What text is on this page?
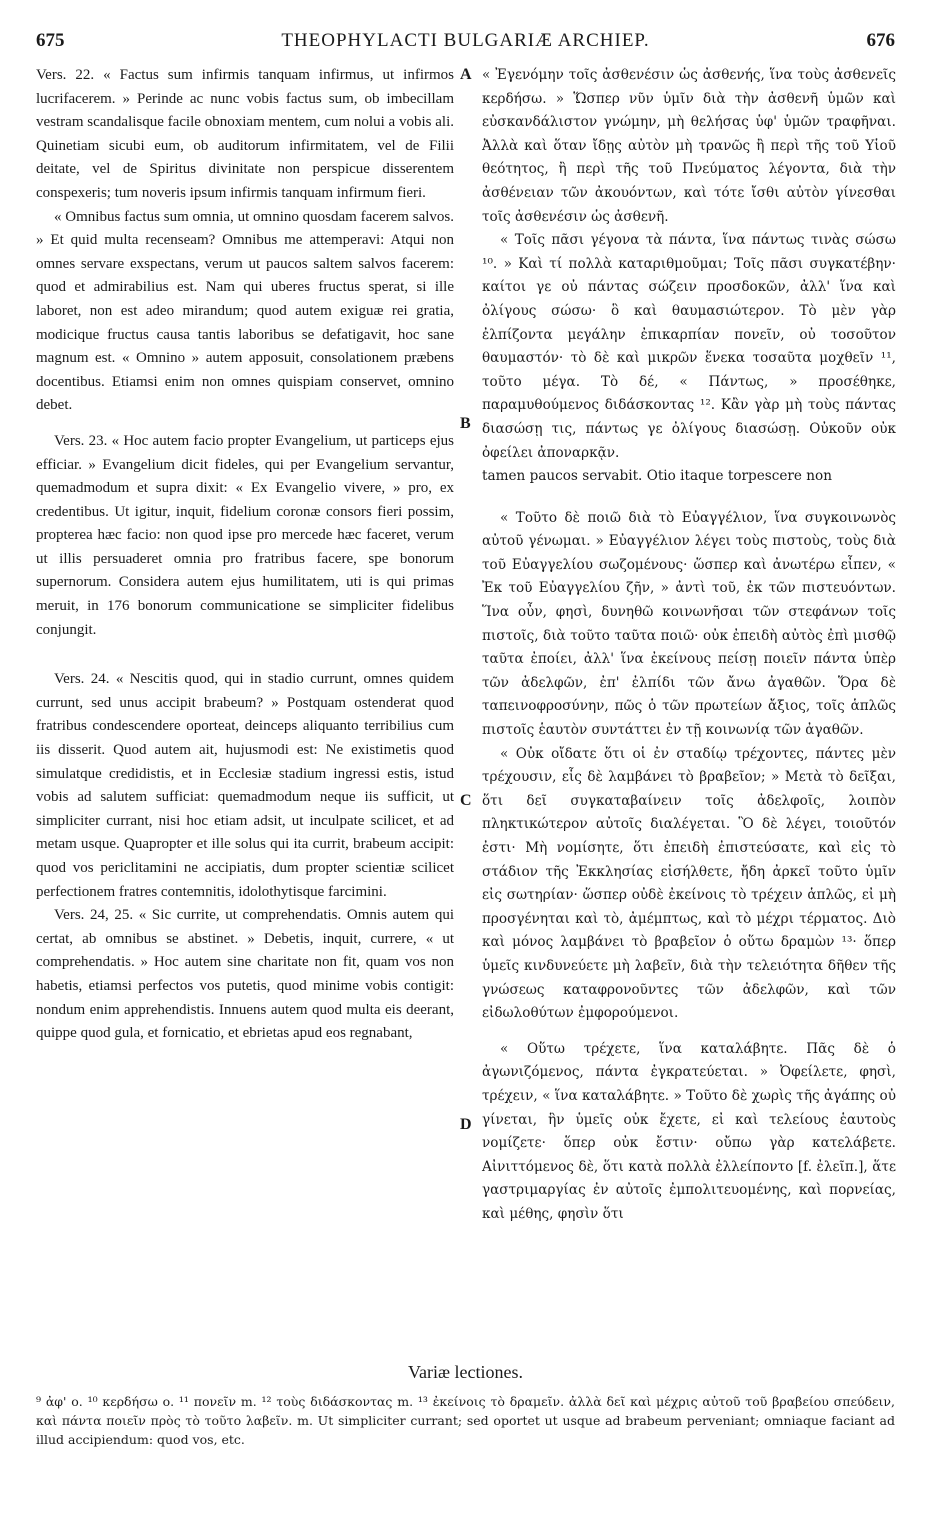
675	THEOPHYLACTI BULGARIÆ ARCHIEP.	676

Vers. 22. « Factus sum infirmis tanquam infirmus, ut infirmos lucrifacerem. » Perinde ac nunc vobis factus sum, ob imbecillam vestram scandalisque facile obnoxiam mentem, cum nolui a vobis ali. Quinetiam sicubi eum, ob auditorum infirmitatem, vel de Filii deitate, vel de Spiritus divinitate non perspicue disserentem conspexeris; tum noveris ipsum infirmis tanquam infirmum fieri.

« Omnibus factus sum omnia, ut omnino quosdam facerem salvos. » Et quid multa recenseam? Omnibus me attemperavi: Atqui non omnes servare exspectans, verum ut paucos saltem salvos facerem: quod et admirabilius est. Nam qui uberes fructus sperat, si ille laboret, non est adeo mirandum; quod autem exiguæ rei gratia, modicique fructus causa tantis laboribus se defatigavit, hoc sane magnum est. « Omnino » autem apposuit, consolationem præbens docentibus. Etiamsi enim non omnes quispiam conservet, omnino debet.

Vers. 23. « Hoc autem facio propter Evangelium, ut particeps ejus efficiar. » Evangelium dicit fideles, qui per Evangelium servantur, quemadmodum et supra dixit: « Ex Evangelio vivere, » pro, ex credentibus. Ut igitur, inquit, fidelium coronæ consors fieri possim, propterea hæc facio: non quod ipse pro mercede hæc faceret, verum ut illis persuaderet omnia pro fratribus facere, spe bonorum supernorum. Considera autem ejus humilitatem, uti is qui primas meruit, in 176 bonorum communicatione se simpliciter fidelibus conjungit.

Vers. 24. « Nescitis quod, qui in stadio currunt, omnes quidem currunt, sed unus accipit brabeum? » Postquam ostenderat quod fratribus condescendere oporteat, deinceps aliquanto terribilius cum iis disserit. Quod autem ait, hujusmodi est: Ne existimetis quod simulatque credidistis, et in Ecclesiæ stadium ingressi estis, istud vobis ad salutem sufficiat: quemadmodum neque iis sufficit, ut simpliciter currant, nisi hoc etiam adsit, ut inculpate scilicet, et ad metam usque. Quapropter et ille solus qui ita currit, brabeum accipit: quod vos periclitamini ne accipiatis, dum propter scientiæ scilicet perfectionem fratres contemnitis, idolothytisque farcimini.

Vers. 24, 25. « Sic currite, ut comprehendatis. Omnis autem qui certat, ab omnibus se abstinet. » Debetis, inquit, currere, « ut comprehendatis. » Hoc autem sine charitate non fit, quam vos non habetis, etiamsi perfectos vos putetis, quod minime vobis contigit: nondum enim apprehendistis. Innuens autem quod multa eis deerant, quippe quod gula, et fornicatio, et ebrietas apud eos regnabant,

A
B
C
D

« Ἐγενόμην τοῖς ἀσθενέσιν ὡς ἀσθενής, ἵνα τοὺς ἀσθενεῖς κερδήσω. » Ὥσπερ νῦν ὑμῖν διὰ τὴν ἀσθενῆ ὑμῶν καὶ εὐσκανδάλιστον γνώμην, μὴ θελήσας ὑφ' ὑμῶν τραφῆναι. Ἀλλὰ καὶ ὅταν ἴδῃς αὐτὸν μὴ τρανῶς ἢ περὶ τῆς τοῦ Υἱοῦ θεότητος, ἢ περὶ τῆς τοῦ Πνεύματος λέγοντα, διὰ τὴν ἀσθένειαν τῶν ἀκουόντων, καὶ τότε ἴσθι αὐτὸν γίνεσθαι τοῖς ἀσθενέσιν ὡς ἀσθενῆ.

« Τοῖς πᾶσι γέγονα τὰ πάντα, ἵνα πάντως τινὰς σώσω ¹⁰. » Καὶ τί πολλὰ καταριθμοῦμαι; Τοῖς πᾶσι συγκατέβην· καίτοι γε οὐ πάντας σώζειν προσδοκῶν, ἀλλ' ἵνα καὶ ὀλίγους σώσω· ὃ καὶ θαυμασιώτερον. Τὸ μὲν γὰρ ἐλπίζοντα μεγάλην ἐπικαρπίαν πονεῖν, οὐ τοσοῦτον θαυμαστόν· τὸ δὲ καὶ μικρῶν ἕνεκα τοσαῦτα μοχθεῖν ¹¹, τοῦτο μέγα. Τὸ δέ, « Πάντως, » προσέθηκε, παραμυθούμενος διδάσκοντας ¹². Κἂν γὰρ μὴ τοὺς πάντας διασώσῃ τις, πάντως γε ὀλίγους διασώσῃ. Οὐκοῦν οὐκ ὀφείλει ἀποναρκᾷν.

tamen paucos servabit. Otio itaque torpescere non

« Τοῦτο δὲ ποιῶ διὰ τὸ Εὐαγγέλιον, ἵνα συγκοινωνὸς αὐτοῦ γένωμαι. » Εὐαγγέλιον λέγει τοὺς πιστοὺς, τοὺς διὰ τοῦ Εὐαγγελίου σωζομένους· ὥσπερ καὶ ἀνωτέρω εἶπεν, « Ἐκ τοῦ Εὐαγγελίου ζῆν, » ἀντὶ τοῦ, ἐκ τῶν πιστευόντων. Ἵνα οὖν, φησὶ, δυνηθῶ κοινωνῆσαι τῶν στεφάνων τοῖς πιστοῖς, διὰ τοῦτο ταῦτα ποιῶ· οὐκ ἐπειδὴ αὐτὸς ἐπὶ μισθῷ ταῦτα ἐποίει, ἀλλ' ἵνα ἐκείνους πείσῃ ποιεῖν πάντα ὑπὲρ τῶν ἀδελφῶν, ἐπ' ἐλπίδι τῶν ἄνω ἀγαθῶν. Ὅρα δὲ ταπεινοφροσύνην, πῶς ὁ τῶν πρωτείων ἄξιος, τοῖς ἁπλῶς πιστοῖς ἑαυτὸν συντάττει ἐν τῇ κοινωνίᾳ τῶν ἀγαθῶν.

« Οὐκ οἴδατε ὅτι οἱ ἐν σταδίῳ τρέχοντες, πάντες μὲν τρέχουσιν, εἷς δὲ λαμβάνει τὸ βραβεῖον; » Μετὰ τὸ δεῖξαι, ὅτι δεῖ συγκαταβαίνειν τοῖς ἀδελφοῖς, λοιπὸν πληκτικώτερον αὐτοῖς διαλέγεται. Ὃ δὲ λέγει, τοιοῦτόν ἐστι· Μὴ νομίσητε, ὅτι ἐπειδὴ ἐπιστεύσατε, καὶ εἰς τὸ στάδιον τῆς Ἐκκλησίας εἰσήλθετε, ἤδη ἀρκεῖ τοῦτο ὑμῖν εἰς σωτηρίαν· ὥσπερ οὐδὲ ἐκείνοις τὸ τρέχειν ἁπλῶς, εἰ μὴ προσγένηται καὶ τὸ, ἀμέμπτως, καὶ τὸ μέχρι τέρματος. Διὸ καὶ μόνος λαμβάνει τὸ βραβεῖον ὁ οὕτω δραμὼν ¹³· ὅπερ ὑμεῖς κινδυνεύετε μὴ λαβεῖν, διὰ τὴν τελειότητα δῆθεν τῆς γνώσεως καταφρονοῦντες τῶν ἀδελφῶν, καὶ τῶν εἰδωλοθύτων ἐμφορούμενοι.

« Οὕτω τρέχετε, ἵνα καταλάβητε. Πᾶς δὲ ὁ ἀγωνιζόμενος, πάντα ἐγκρατεύεται. » Ὀφείλετε, φησὶ, τρέχειν, « ἵνα καταλάβητε. » Τοῦτο δὲ χωρὶς τῆς ἀγάπης οὐ γίνεται, ἣν ὑμεῖς οὐκ ἔχετε, εἰ καὶ τελείους ἑαυτοὺς νομίζετε· ὅπερ οὐκ ἔστιν· οὔπω γὰρ κατελάβετε. Αἰνιττόμενος δὲ, ὅτι κατὰ πολλὰ ἐλλείποντο [f. ἐλεῖπ.], ἅτε γαστριμαργίας ἐν αὐτοῖς ἐμπολιτευομένης, καὶ πορνείας, καὶ μέθης, φησὶν ὅτι

Variæ lectiones.
⁹ ἀφ' ο. ¹⁰ κερδήσω ο. ¹¹ πονεῖν m. ¹² τοὺς διδάσκοντας m. ¹³ ἐκείνοις τὸ δραμεῖν. ἀλλὰ δεῖ καὶ μέχρις αὐτοῦ τοῦ βραβείου σπεύδειν, καὶ πάντα ποιεῖν πρὸς τὸ τοῦτο λαβεῖν. m. Ut simpliciter currant; sed oportet ut usque ad brabeum perveniant; omniaque faciant ad illud accipiendum: quod vos, etc.
